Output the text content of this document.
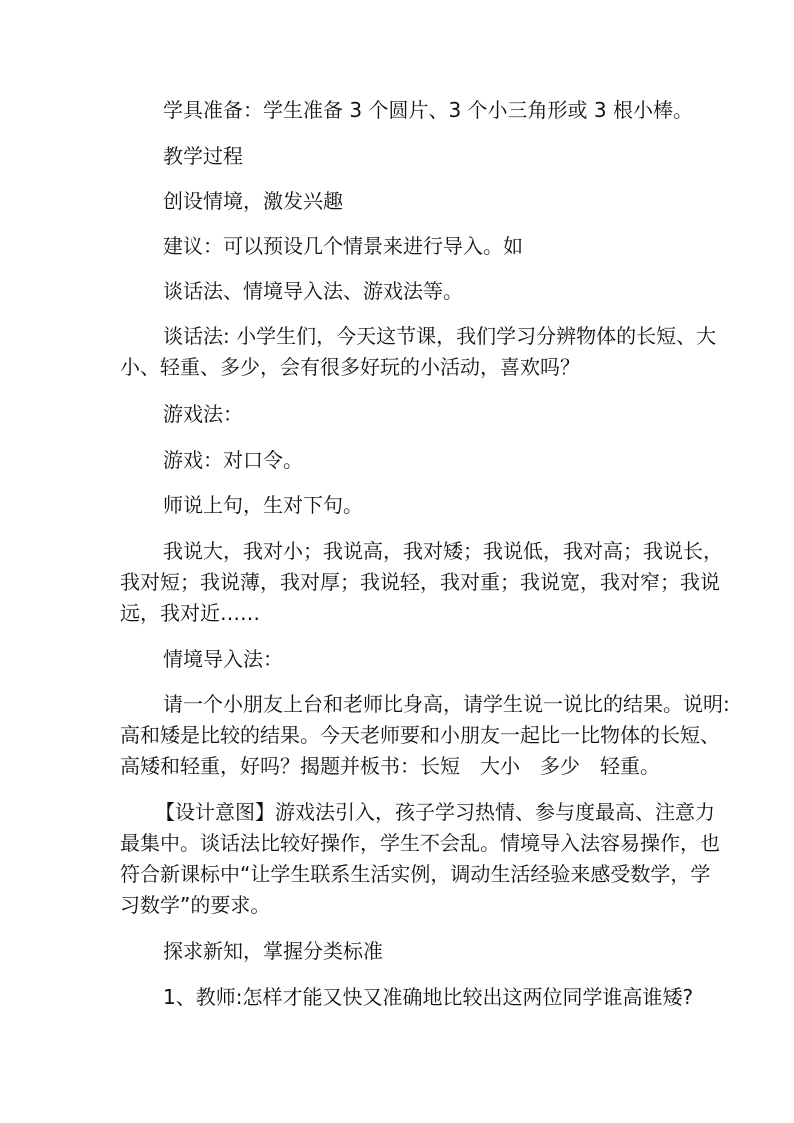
学具准备：学生准备 3 个圆片、3 个小三角形或 3 根小棒。
教学过程
创设情境，激发兴趣
建议：可以预设几个情景来进行导入。如
谈话法、情境导入法、游戏法等。
谈话法: 小学生们，今天这节课，我们学习分辨物体的长短、大
小、轻重、多少，会有很多好玩的小活动，喜欢吗？
游戏法：
游戏：对口令。
师说上句，生对下句。
我说大，我对小；我说高，我对矮；我说低，我对高；我说长，
我对短；我说薄，我对厚；我说轻，我对重；我说宽，我对窄；我说
远，我对近……
情境导入法：
请一个小朋友上台和老师比身高，请学生说一说比的结果。说明:
高和矮是比较的结果。今天老师要和小朋友一起比一比物体的长短、
高矮和轻重，好吗？揭题并板书：长短　大小　多少　轻重。
【设计意图】游戏法引入，孩子学习热情、参与度最高、注意力
最集中。谈话法比较好操作，学生不会乱。情境导入法容易操作，也
符合新课标中“让学生联系生活实例，调动生活经验来感受数学，学
习数学”的要求。
探求新知，掌握分类标准
1、教师:怎样才能又快又准确地比较出这两位同学谁高谁矮?
